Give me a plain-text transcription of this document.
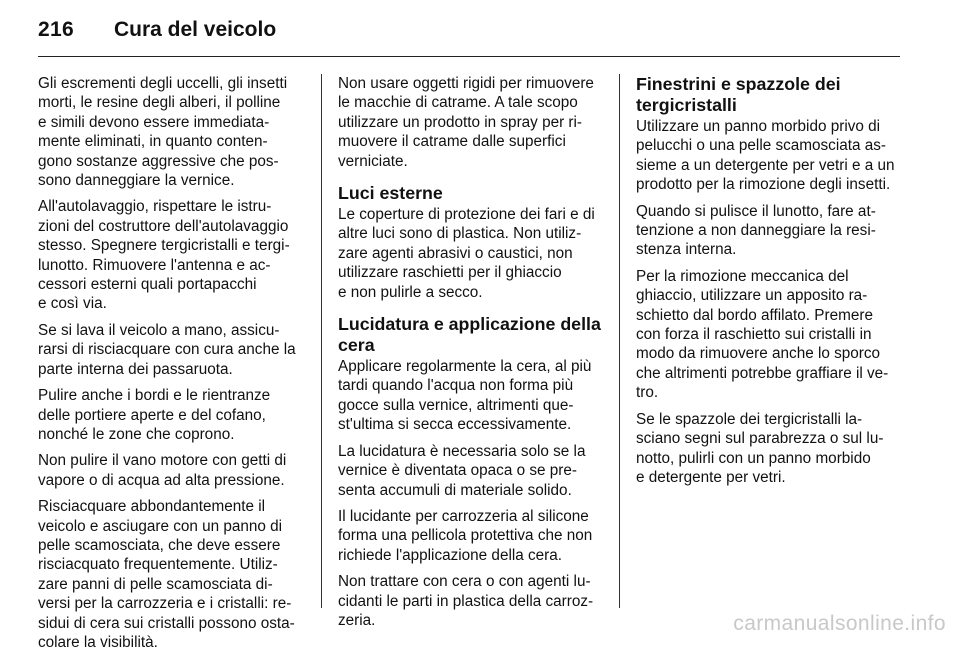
216 Cura del veicolo

Gli escrementi degli uccelli, gli insetti
morti, le resine degli alberi, il polline
e simili devono essere immediata-
mente eliminati, in quanto conten-
gono sostanze aggressive che pos-
sono danneggiare la vernice.

All'autolavaggio, rispettare le istru-
zioni del costruttore dell'autolavaggio
stesso. Spegnere tergicristalli e tergi-
lunotto. Rimuovere l'antenna e ac-
cessori esterni quali portapacchi
e così via.

Se si lava il veicolo a mano, assicu-
rarsi di risciacquare con cura anche la
parte interna dei passaruota.

Pulire anche i bordi e le rientranze
delle portiere aperte e del cofano,
nonché le zone che coprono.

Non pulire il vano motore con getti di
vapore o di acqua ad alta pressione.

Risciacquare abbondantemente il
veicolo e asciugare con un panno di
pelle scamosciata, che deve essere
risciacquato frequentemente. Utiliz-
zare panni di pelle scamosciata di-
versi per la carrozzeria e i cristalli: re-
sidui di cera sui cristalli possono osta-
colare la visibilità.

Non usare oggetti rigidi per rimuovere
le macchie di catrame. A tale scopo
utilizzare un prodotto in spray per ri-
muovere il catrame dalle superfici
verniciate.

Luci esterne

Le coperture di protezione dei fari e di
altre luci sono di plastica. Non utiliz-
zare agenti abrasivi o caustici, non
utilizzare raschietti per il ghiaccio
e non pulirle a secco.

Lucidatura e applicazione della
cera

Applicare regolarmente la cera, al più
tardi quando l'acqua non forma più
gocce sulla vernice, altrimenti que-
st'ultima si secca eccessivamente.

La lucidatura è necessaria solo se la
vernice è diventata opaca o se pre-
senta accumuli di materiale solido.

Il lucidante per carrozzeria al silicone
forma una pellicola protettiva che non
richiede l'applicazione della cera.

Non trattare con cera o con agenti lu-
cidanti le parti in plastica della carroz-
zeria.

Finestrini e spazzole dei
tergicristalli

Utilizzare un panno morbido privo di
pelucchi o una pelle scamosciata as-
sieme a un detergente per vetri e a un
prodotto per la rimozione degli insetti.

Quando si pulisce il lunotto, fare at-
tenzione a non danneggiare la resi-
stenza interna.

Per la rimozione meccanica del
ghiaccio, utilizzare un apposito ra-
schietto dal bordo affilato. Premere
con forza il raschietto sui cristalli in
modo da rimuovere anche lo sporco
che altrimenti potrebbe graffiare il ve-
tro.

Se le spazzole dei tergicristalli la-
sciano segni sul parabrezza o sul lu-
notto, pulirli con un panno morbido
e detergente per vetri.

carmanualsonline.info
